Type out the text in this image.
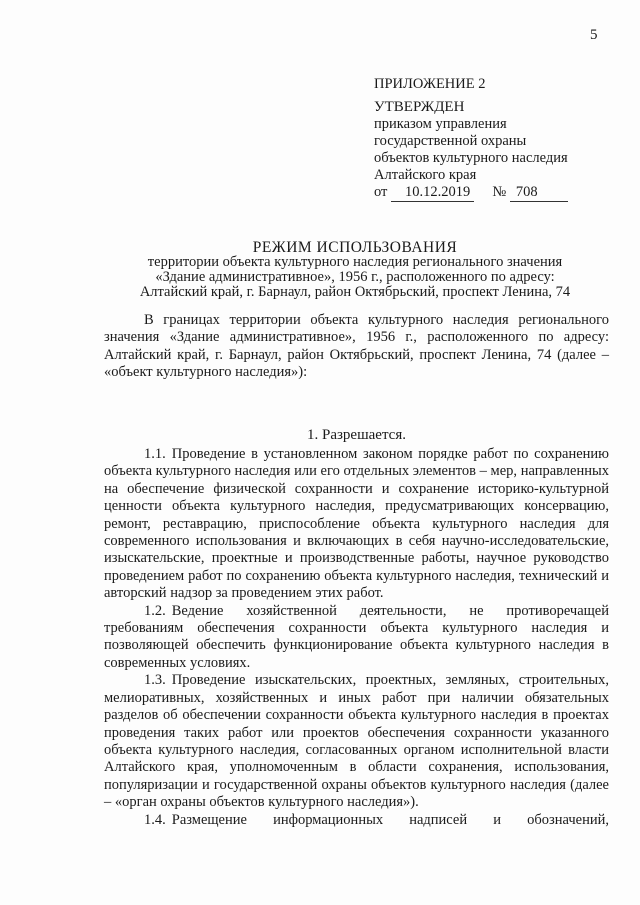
5
ПРИЛОЖЕНИЕ 2
УТВЕРЖДЕН
приказом управления
государственной охраны
объектов культурного наследия
Алтайского края
от 10.12.2019 № 708
РЕЖИМ ИСПОЛЬЗОВАНИЯ
территории объекта культурного наследия регионального значения
«Здание административное», 1956 г., расположенного по адресу:
Алтайский край, г. Барнаул, район Октябрьский, проспект Ленина, 74

В границах территории объекта культурного наследия регионального значения «Здание административное», 1956 г., расположенного по адресу: Алтайский край, г. Барнаул, район Октябрьский, проспект Ленина, 74 (далее – «объект культурного наследия»):

1. Разрешается.

1.1. Проведение в установленном законом порядке работ по сохранению объекта культурного наследия или его отдельных элементов – мер, направленных на обеспечение физической сохранности и сохранение историко-культурной ценности объекта культурного наследия, предусматривающих консервацию, ремонт, реставрацию, приспособление объекта культурного наследия для современного использования и включающих в себя научно-исследовательские, изыскательские, проектные и производственные работы, научное руководство проведением работ по сохранению объекта культурного наследия, технический и авторский надзор за проведением этих работ.

1.2. Ведение хозяйственной деятельности, не противоречащей требованиям обеспечения сохранности объекта культурного наследия и позволяющей обеспечить функционирование объекта культурного наследия в современных условиях.

1.3. Проведение изыскательских, проектных, земляных, строительных, мелиоративных, хозяйственных и иных работ при наличии обязательных разделов об обеспечении сохранности объекта культурного наследия в проектах проведения таких работ или проектов обеспечения сохранности указанного объекта культурного наследия, согласованных органом исполнительной власти Алтайского края, уполномоченным в области сохранения, использования, популяризации и государственной охраны объектов культурного наследия (далее – «орган охраны объектов культурного наследия»).

1.4. Размещение информационных надписей и обозначений,
